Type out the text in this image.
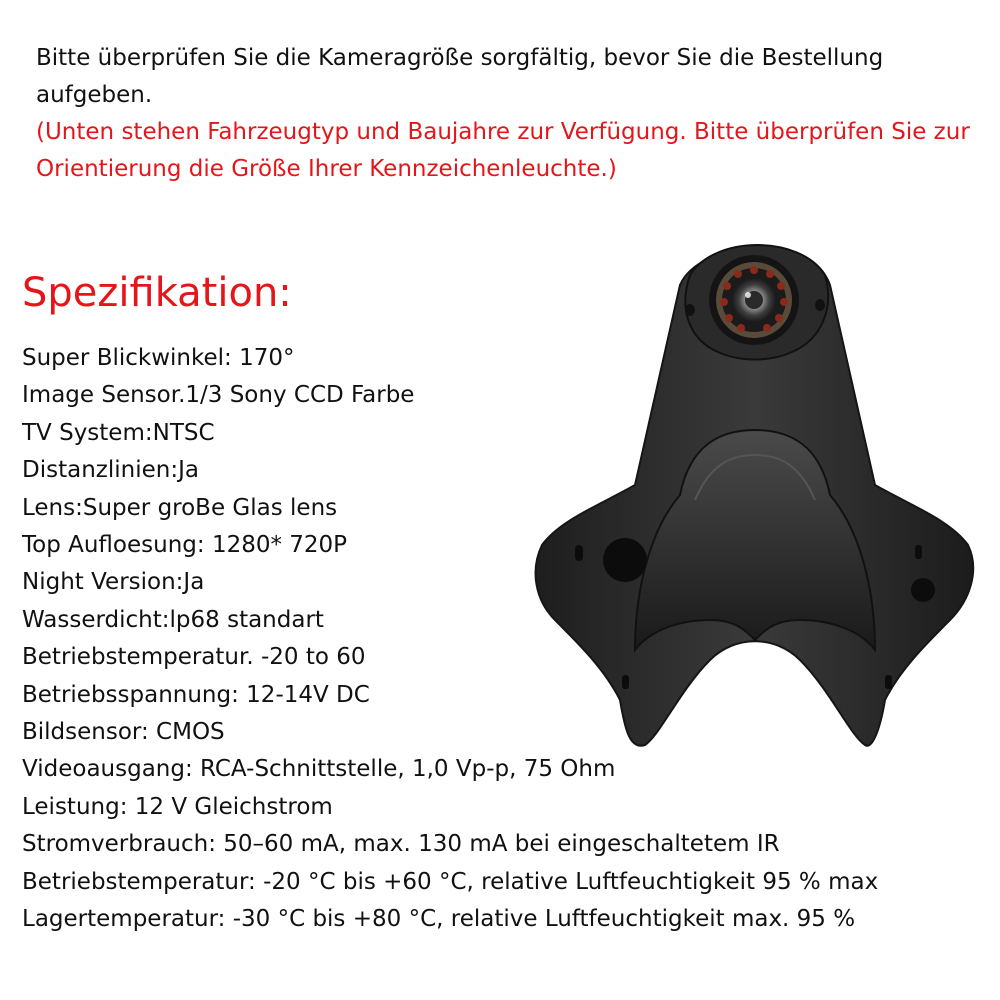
Bitte überprüfen Sie die Kameragröße sorgfältig, bevor Sie die Bestellung aufgeben.

(Unten stehen Fahrzeugtyp und Baujahre zur Verfügung. Bitte überprüfen Sie zur Orientierung die Größe Ihrer Kennzeichenleuchte.)

Spezifikation:
Super Blickwinkel: 170°
Image Sensor.1/3 Sony CCD Farbe
TV System:NTSC
Distanzlinien:Ja
Lens:Super groBe Glas lens
Top Aufloesung: 1280* 720P
Night Version:Ja
Wasserdicht:lp68 standart
Betriebstemperatur. -20 to 60
Betriebsspannung: 12-14V DC
Bildsensor: CMOS
Videoausgang: RCA-Schnittstelle, 1,0 Vp-p, 75 Ohm
Leistung: 12 V Gleichstrom
Stromverbrauch: 50–60 mA, max. 130 mA bei eingeschaltetem IR
Betriebstemperatur: -20 °C bis +60 °C, relative Luftfeuchtigkeit 95 % max
Lagertemperatur: -30 °C bis +80 °C, relative Luftfeuchtigkeit max. 95 %
